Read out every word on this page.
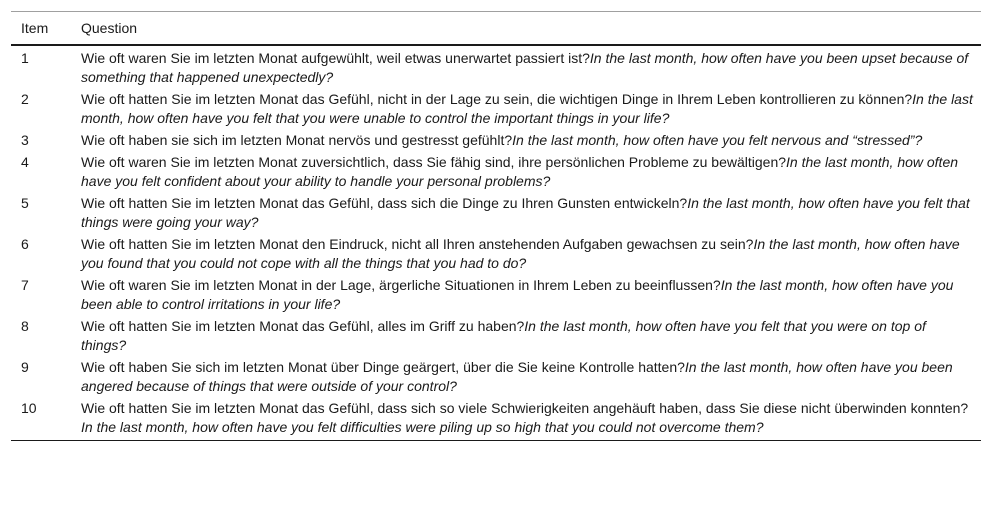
Item	Question
1	Wie oft waren Sie im letzten Monat aufgewühlt, weil etwas unerwartet passiert ist?In the last month, how often have you been upset because of something that happened unexpectedly?
2	Wie oft hatten Sie im letzten Monat das Gefühl, nicht in der Lage zu sein, die wichtigen Dinge in Ihrem Leben kontrollieren zu können?In the last month, how often have you felt that you were unable to control the important things in your life?
3	Wie oft haben sie sich im letzten Monat nervös und gestresst gefühlt?In the last month, how often have you felt nervous and “stressed”?
4	Wie oft waren Sie im letzten Monat zuversichtlich, dass Sie fähig sind, ihre persönlichen Probleme zu bewältigen?In the last month, how often have you felt confident about your ability to handle your personal problems?
5	Wie oft hatten Sie im letzten Monat das Gefühl, dass sich die Dinge zu Ihren Gunsten entwickeln?In the last month, how often have you felt that things were going your way?
6	Wie oft hatten Sie im letzten Monat den Eindruck, nicht all Ihren anstehenden Aufgaben gewachsen zu sein?In the last month, how often have you found that you could not cope with all the things that you had to do?
7	Wie oft waren Sie im letzten Monat in der Lage, ärgerliche Situationen in Ihrem Leben zu beeinflussen?In the last month, how often have you been able to control irritations in your life?
8	Wie oft hatten Sie im letzten Monat das Gefühl, alles im Griff zu haben?In the last month, how often have you felt that you were on top of things?
9	Wie oft haben Sie sich im letzten Monat über Dinge geärgert, über die Sie keine Kontrolle hatten?In the last month, how often have you been angered because of things that were outside of your control?
10	Wie oft hatten Sie im letzten Monat das Gefühl, dass sich so viele Schwierigkeiten angehäuft haben, dass Sie diese nicht überwinden konnten?In the last month, how often have you felt difficulties were piling up so high that you could not overcome them?
